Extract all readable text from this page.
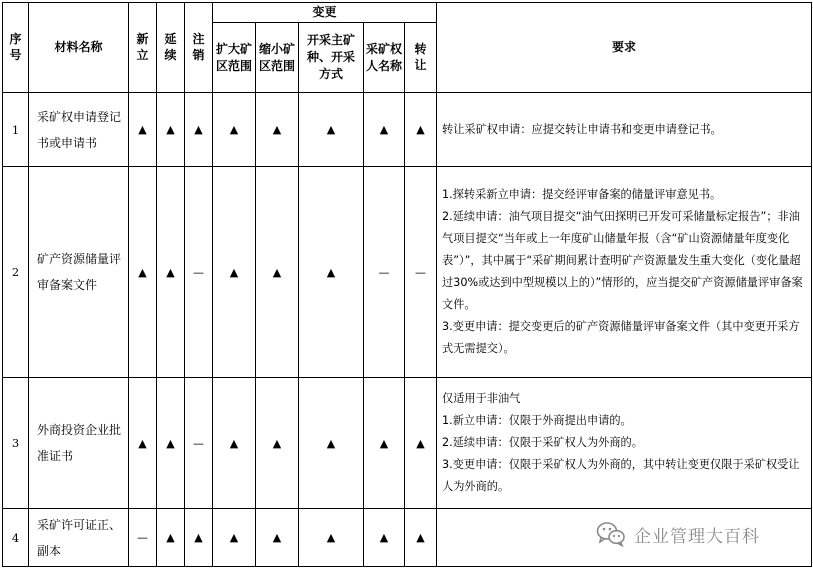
序号	材料名称	新立	延续	注销	变更					要求
					扩大矿区范围	缩小矿区范围	开采主矿种、开采方式	采矿权人名称	转让	
1	采矿权申请登记书或申请书	▲	▲	▲	▲	▲	▲	▲	▲	转让采矿权申请：应提交转让申请书和变更申请登记书。

2	矿产资源储量评审备案文件	▲	▲	—	▲	▲	▲	—	—	1.探转采新立申请：提交经评审备案的储量评审意见书。

2.延续申请：油气项目提交“油气田探明已开发可采储量标定报告”；非油气项目提交“当年或上一年度矿山储量年报（含“矿山资源储量年度变化表”）”，其中属于“采矿期间累计查明矿产资源量发生重大变化（变化量超过30%或达到中型规模以上的）”情形的，应当提交矿产资源储量评审备案文件。

3.变更申请：提交变更后的矿产资源储量评审备案文件（其中变更开采方式无需提交）。

3	外商投资企业批准证书	▲	▲	—	▲	▲	▲	▲	▲	仅适用于非油气

1.新立申请：仅限于外商提出申请的。

2.延续申请：仅限于采矿权人为外商的。

3.变更申请：仅限于采矿权人为外商的，其中转让变更仅限于采矿权受让人为外商的。

4	采矿许可证正、副本	—	▲	▲	▲	▲	▲	▲	▲		企业管理大百科
